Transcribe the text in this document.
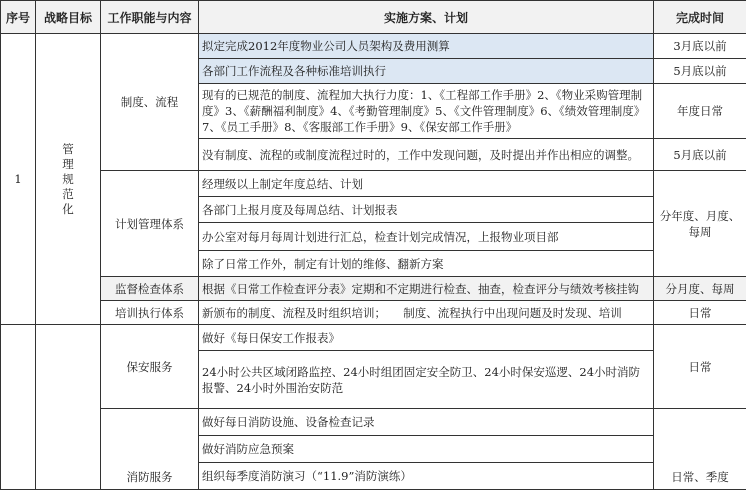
序号	战略目标	工作职能与内容	实施方案、计划	完成时间
1	管理规范化	制度、流程	拟定完成2012年度物业公司人员架构及费用测算	3月底以前
			各部门工作流程及各种标准培训执行	5月底以前
			现有的已规范的制度、流程加大执行力度：1、《工程部工作手册》2、《物业采购管理制度》3、《薪酬福利制度》4、《考勤管理制度》5、《文件管理制度》6、《绩效管理制度》7、《员工手册》8、《客服部工作手册》9、《保安部工作手册》	年度日常
			没有制度、流程的或制度流程过时的，工作中发现问题，及时提出并作出相应的调整。	5月底以前
		计划管理体系	经理级以上制定年度总结、计划	分年度、月度、每周
			各部门上报月度及每周总结、计划报表	
			办公室对每月每周计划进行汇总，检查计划完成情况，上报物业项目部	
			除了日常工作外，制定有计划的维修、翻新方案	
		监督检查体系	根据《日常工作检查评分表》定期和不定期进行检查、抽查，检查评分与绩效考核挂钩	分月度、每周
		培训执行体系	新颁布的制度、流程及时组织培训；　　制度、流程执行中出现问题及时发现、培训	日常

		保安服务	做好《每日保安工作报表》	日常
			24小时公共区域闭路监控、24小时组团固定安全防卫、24小时保安巡逻、24小时消防报警、24小时外围治安防范	
		消防服务	做好每日消防设施、设备检查记录	日常、季度
			做好消防应急预案	
			组织每季度消防演习（“11.9”消防演练）	
